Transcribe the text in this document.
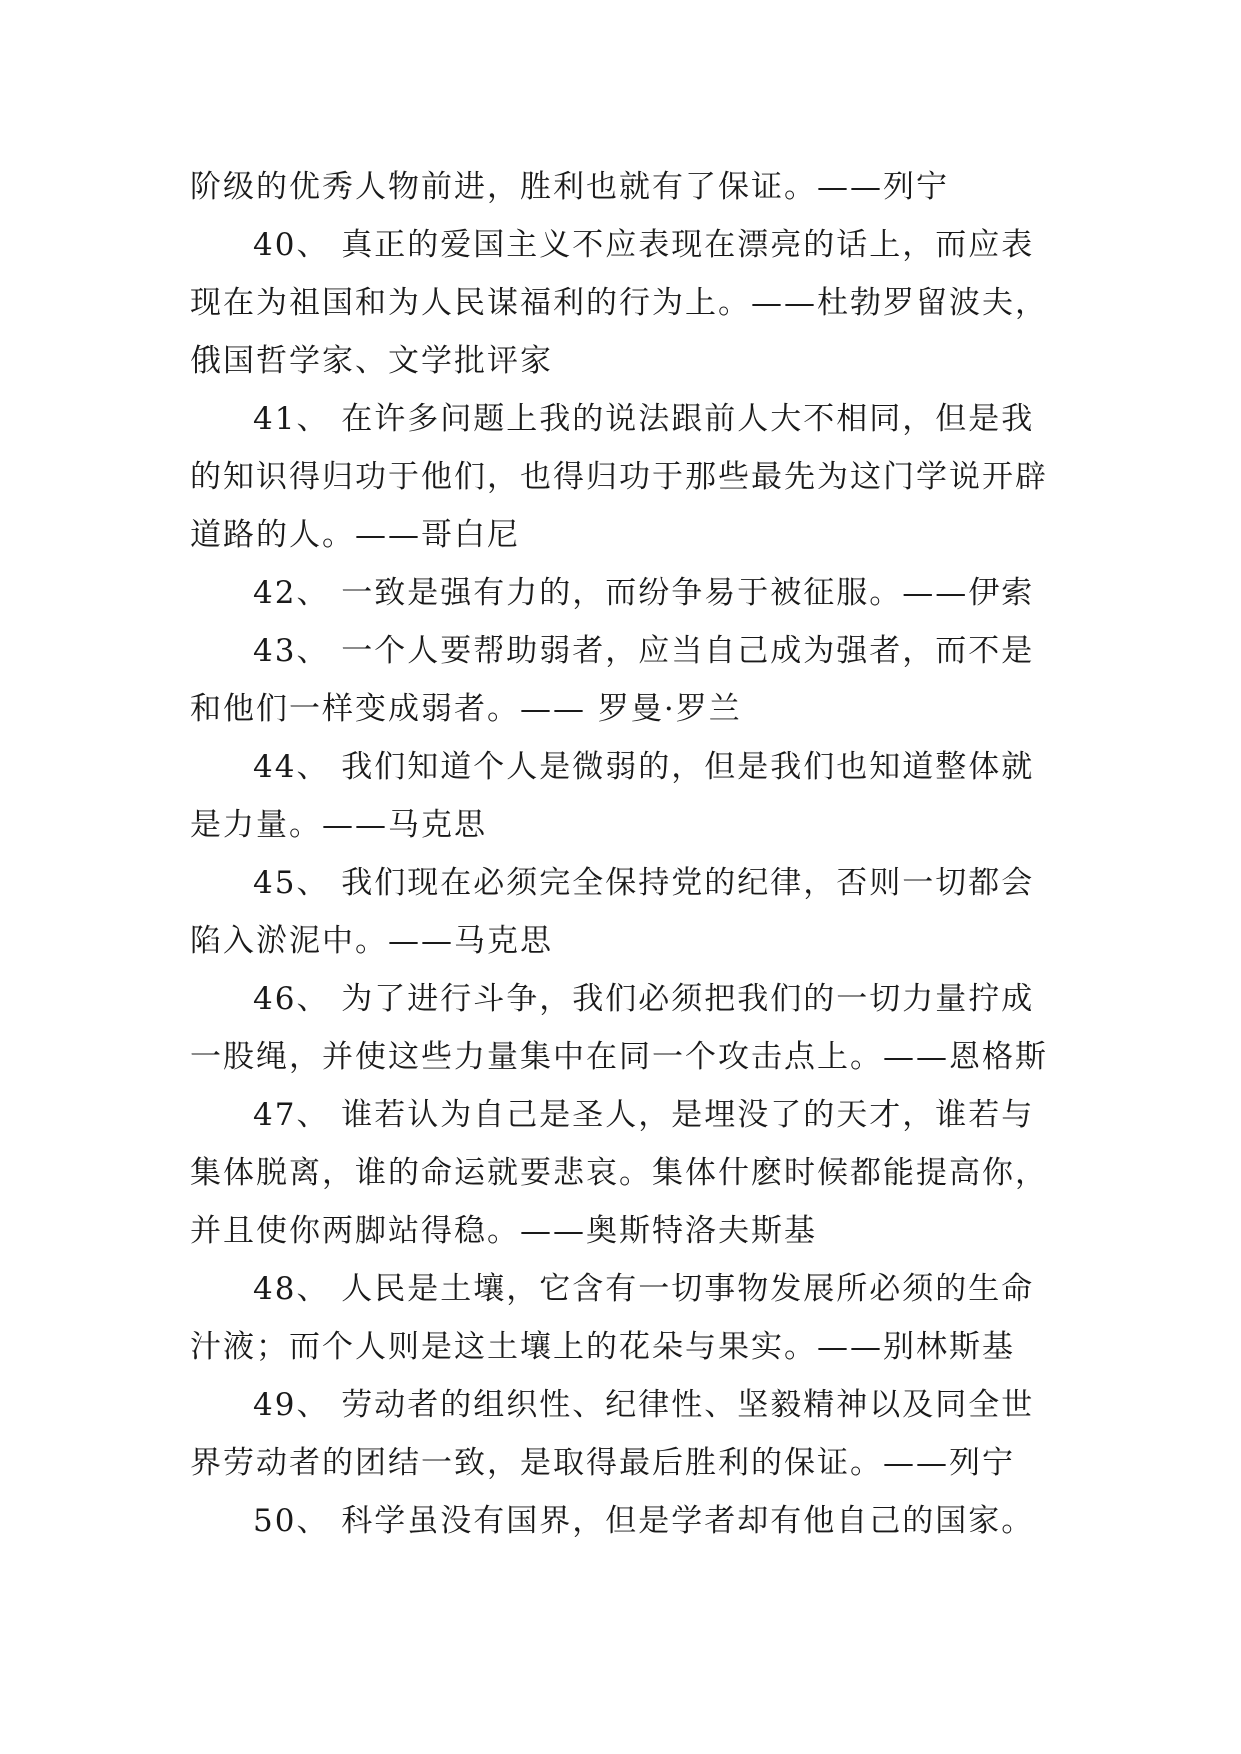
阶级的优秀人物前进，胜利也就有了保证。——列宁
40、 真正的爱国主义不应表现在漂亮的话上，而应表
现在为祖国和为人民谋福利的行为上。——杜勃罗留波夫，
俄国哲学家、文学批评家
41、 在许多问题上我的说法跟前人大不相同，但是我
的知识得归功于他们，也得归功于那些最先为这门学说开辟
道路的人。——哥白尼
42、 一致是强有力的，而纷争易于被征服。——伊索
43、 一个人要帮助弱者，应当自己成为强者，而不是
和他们一样变成弱者。—— 罗曼·罗兰
44、 我们知道个人是微弱的，但是我们也知道整体就
是力量。——马克思
45、 我们现在必须完全保持党的纪律，否则一切都会
陷入淤泥中。——马克思
46、 为了进行斗争，我们必须把我们的一切力量拧成
一股绳，并使这些力量集中在同一个攻击点上。——恩格斯
47、 谁若认为自己是圣人，是埋没了的天才，谁若与
集体脱离，谁的命运就要悲哀。集体什麽时候都能提高你，
并且使你两脚站得稳。——奥斯特洛夫斯基
48、 人民是土壤，它含有一切事物发展所必须的生命
汁液；而个人则是这土壤上的花朵与果实。——别林斯基
49、 劳动者的组织性、纪律性、坚毅精神以及同全世
界劳动者的团结一致，是取得最后胜利的保证。——列宁
50、 科学虽没有国界，但是学者却有他自己的国家。
